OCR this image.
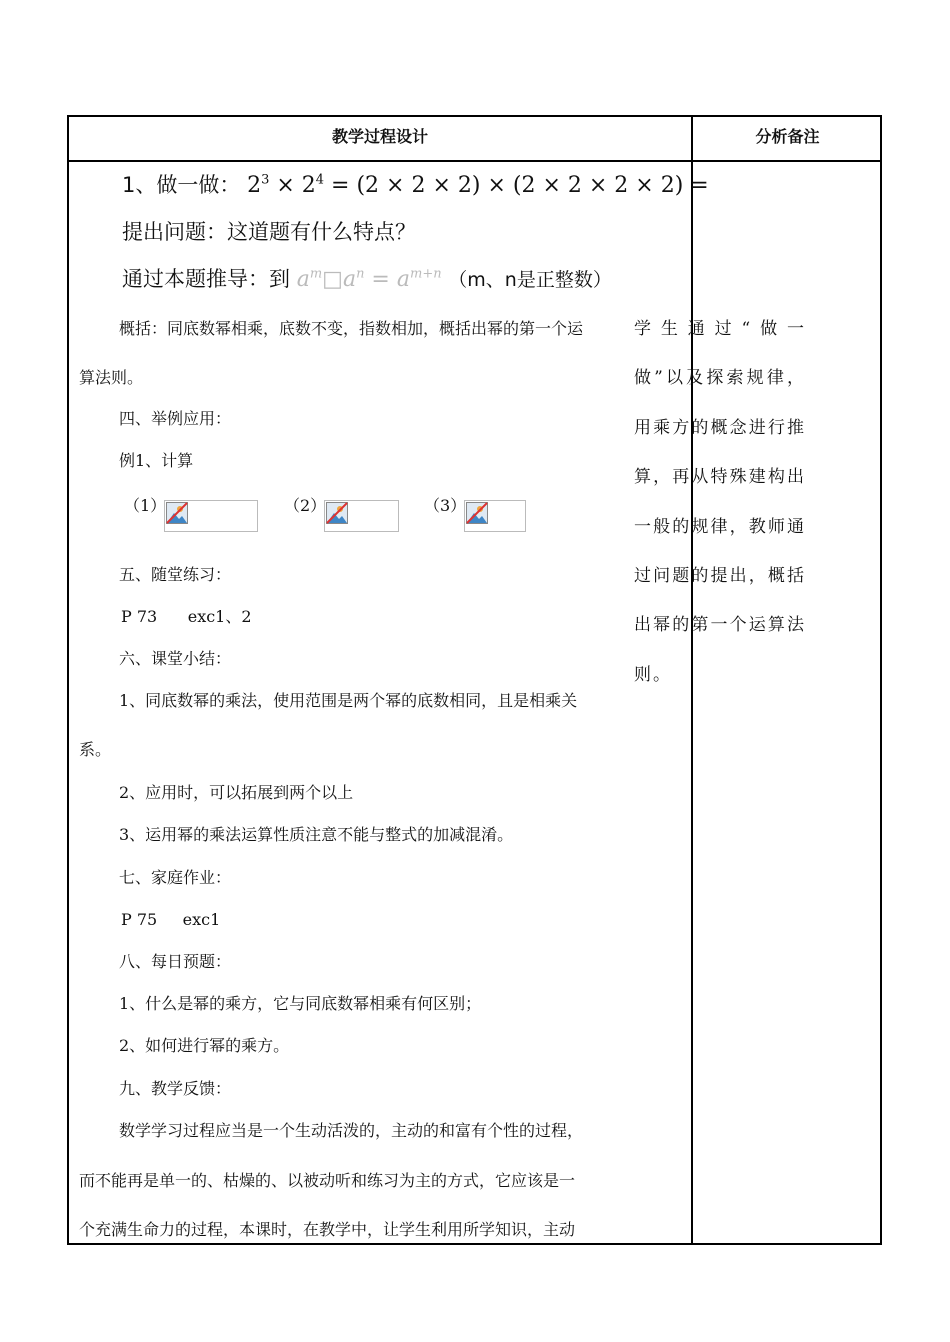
教学过程设计	分析备注
1、做一做： $2^3 \times 2^4 = (2 \times 2 \times 2) \times (2 \times 2 \times 2 \times 2)$ =
提出问题：这道题有什么特点？
通过本题推导：到 $a^m□a^n = a^{m+n}$ （m、n是正整数）
概括：同底数幂相乘，底数不变，指数相加，概括出幂的第一个运
算法则。
四、举例应用：
例1、计算
（1）	（2）	（3）
五、随堂练习：
P 73      exc1、2
六、课堂小结：
1、同底数幂的乘法，使用范围是两个幂的底数相同，且是相乘关
系。
2、应用时，可以拓展到两个以上
3、运用幂的乘法运算性质注意不能与整式的加减混淆。
七、家庭作业：
P 75     exc1
八、每日预题：
1、什么是幂的乘方，它与同底数幂相乘有何区别；
2、如何进行幂的乘方。
九、教学反馈：
数学学习过程应当是一个生动活泼的，主动的和富有个性的过程，
而不能再是单一的、枯燥的、以被动听和练习为主的方式，它应该是一
个充满生命力的过程，本课时，在教学中，让学生利用所学知识，主动
学生通过“做一做”以及探索规律，用乘方的概念进行推算，再从特殊建构出一般的规律，教师通过问题的提出，概括出幂的第一个运算法则。
